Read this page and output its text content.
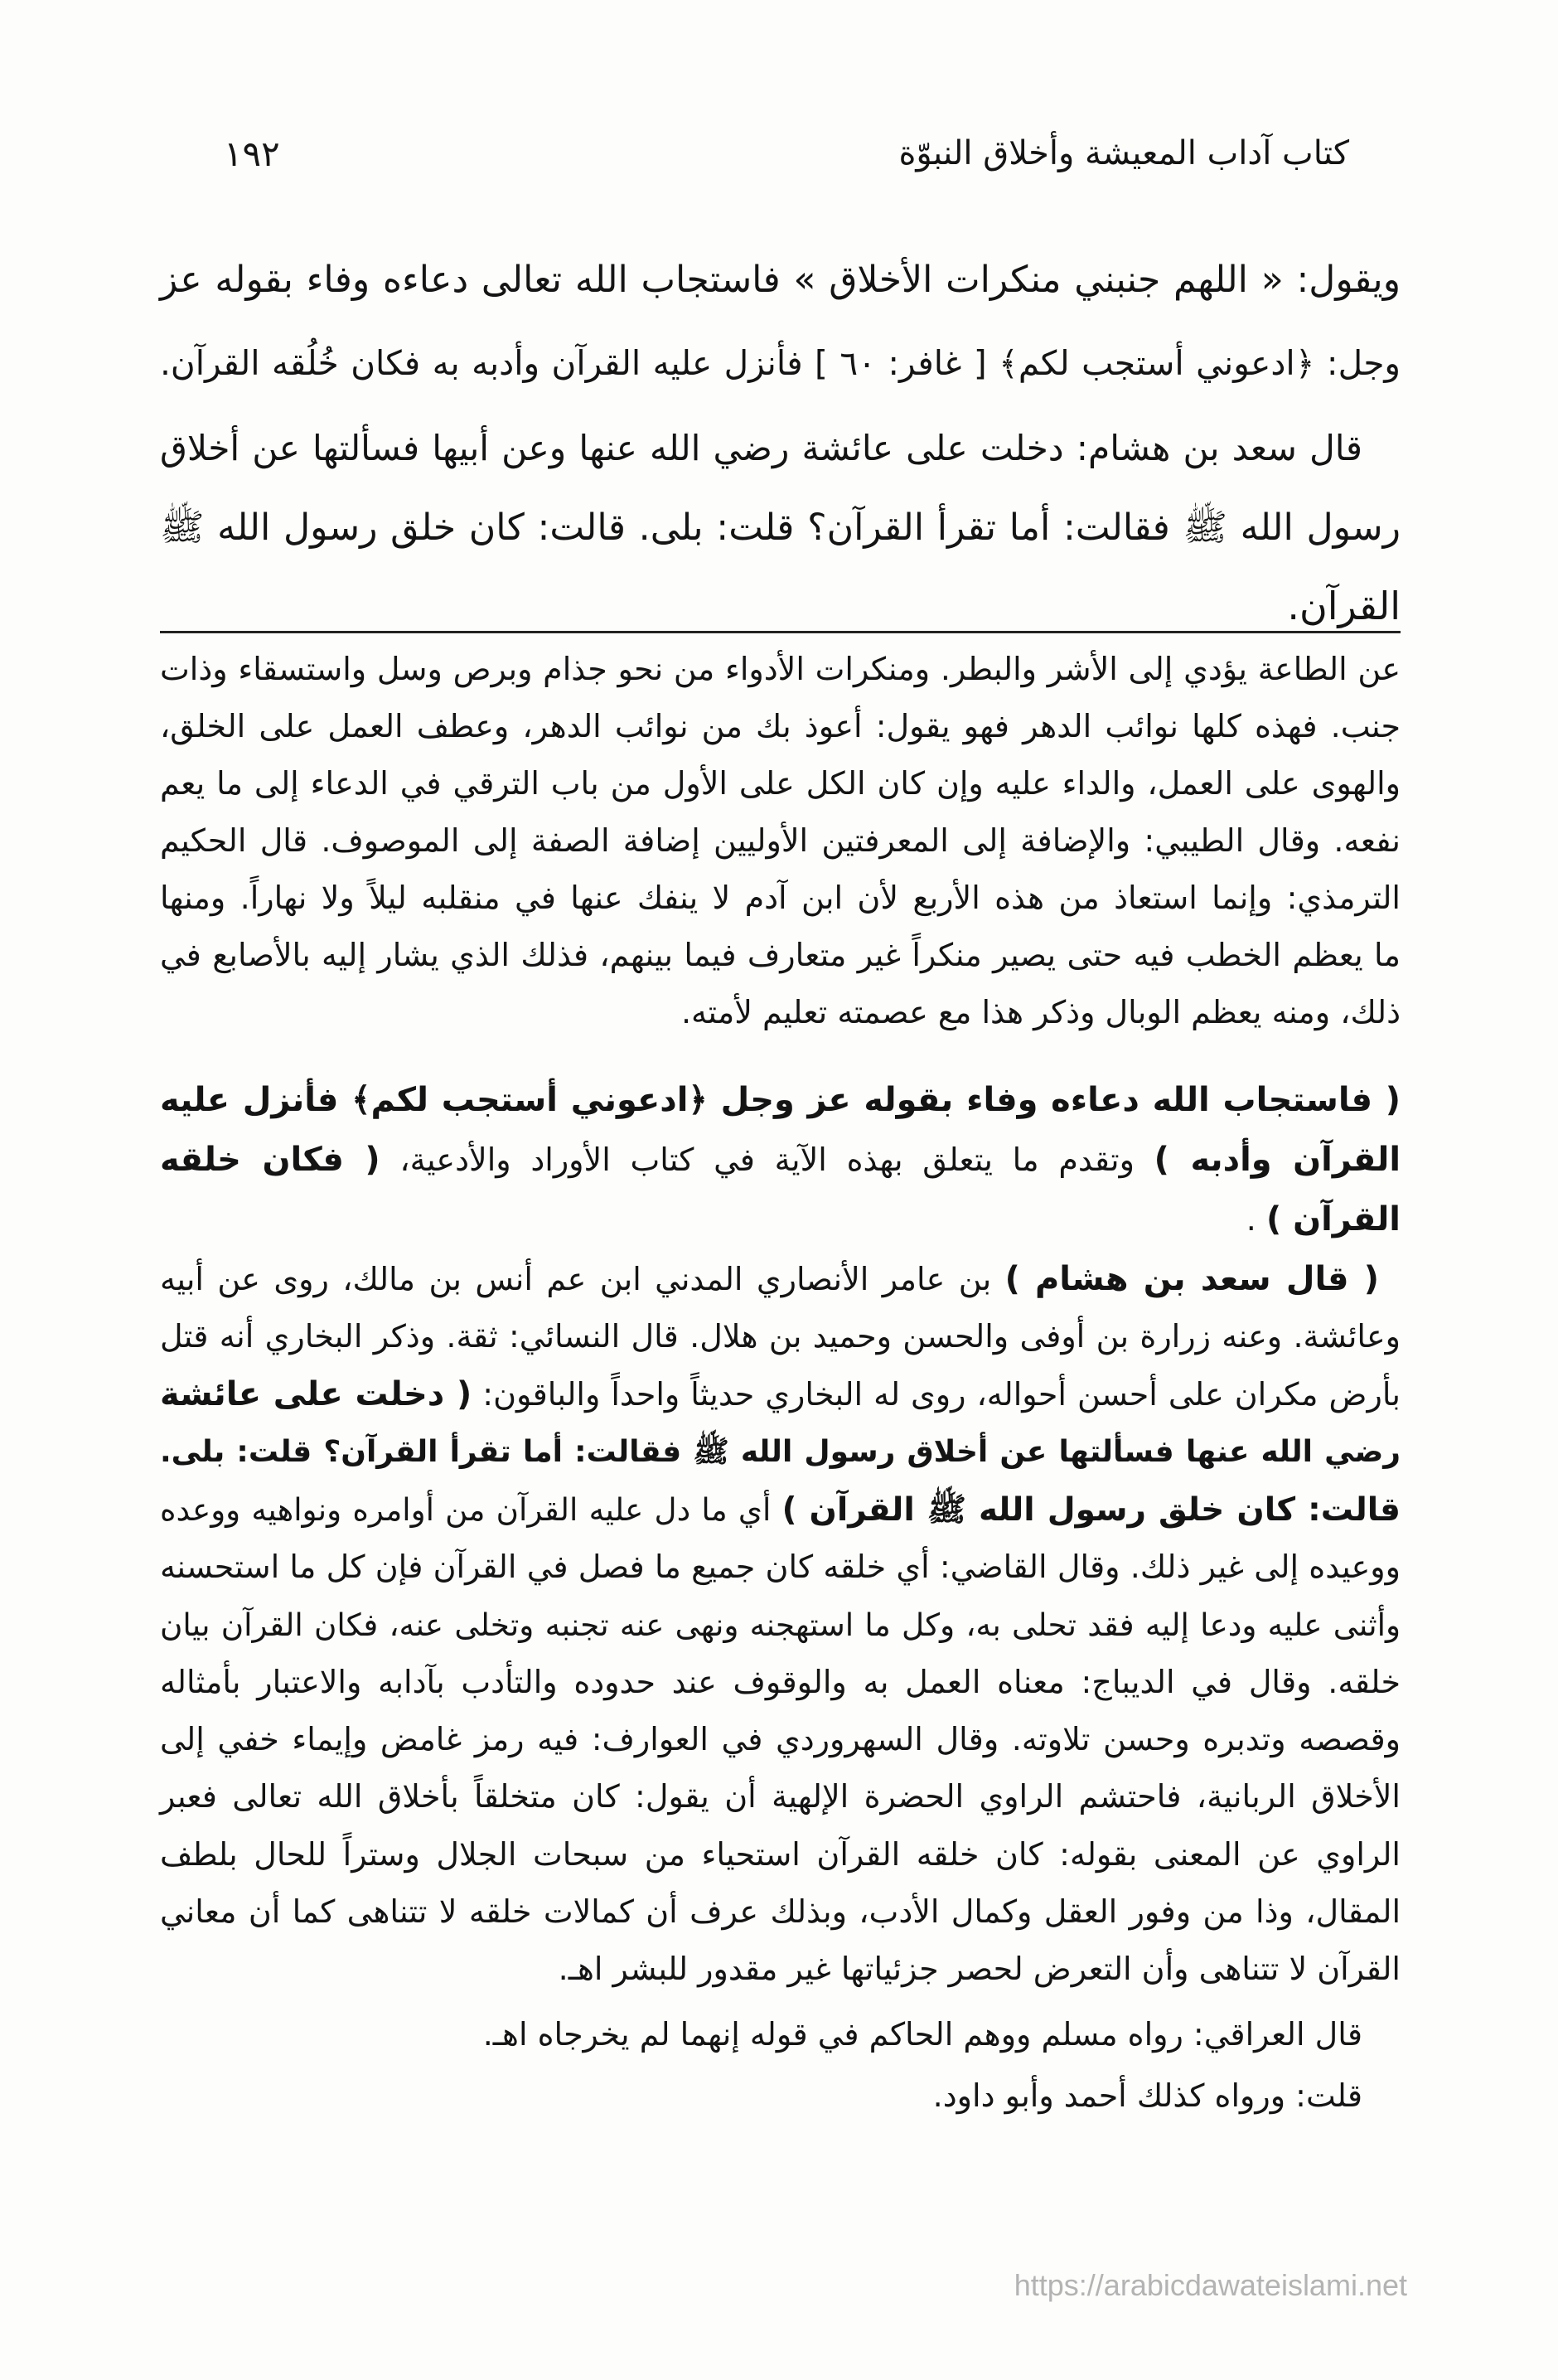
١٩٢	كتاب آداب المعيشة وأخلاق النبوّة
ويقول: « اللهم جنبني منكرات الأخلاق » فاستجاب الله تعالى دعاءه وفاء بقوله عز
وجل: ﴿ادعوني أستجب لكم﴾ [ غافر: ٦٠ ] فأنزل عليه القرآن وأدبه به فكان خُلُقه القرآن.
قال سعد بن هشام: دخلت على عائشة رضي الله عنها وعن أبيها فسألتها عن أخلاق
رسول الله ﷺ فقالت: أما تقرأ القرآن؟ قلت: بلى. قالت: كان خلق رسول الله ﷺ
القرآن.
عن الطاعة يؤدي إلى الأشر والبطر. ومنكرات الأدواء من نحو جذام وبرص وسل واستسقاء وذات
جنب. فهذه كلها نوائب الدهر فهو يقول: أعوذ بك من نوائب الدهر، وعطف العمل على الخلق،
والهوى على العمل، والداء عليه وإن كان الكل على الأول من باب الترقي في الدعاء إلى ما يعم
نفعه. وقال الطيبي: والإضافة إلى المعرفتين الأوليين إضافة الصفة إلى الموصوف. قال الحكيم
الترمذي: وإنما استعاذ من هذه الأربع لأن ابن آدم لا ينفك عنها في منقلبه ليلاً ولا نهاراً. ومنها
ما يعظم الخطب فيه حتى يصير منكراً غير متعارف فيما بينهم، فذلك الذي يشار إليه بالأصابع في
ذلك، ومنه يعظم الوبال وذكر هذا مع عصمته تعليم لأمته.
( فاستجاب الله دعاءه وفاء بقوله عز وجل ﴿ادعوني أستجب لكم﴾ فأنزل عليه
القرآن وأدبه ) وتقدم ما يتعلق بهذه الآية في كتاب الأوراد والأدعية، ( فكان خلقه
القرآن ) .
( قال سعد بن هشام ) بن عامر الأنصاري المدني ابن عم أنس بن مالك، روى عن أبيه
وعائشة. وعنه زرارة بن أوفى والحسن وحميد بن هلال. قال النسائي: ثقة. وذكر البخاري أنه قتل
بأرض مكران على أحسن أحواله، روى له البخاري حديثاً واحداً والباقون: ( دخلت على عائشة
رضي الله عنها فسألتها عن أخلاق رسول الله ﷺ فقالت: أما تقرأ القرآن؟ قلت: بلى.
قالت: كان خلق رسول الله ﷺ القرآن ) أي ما دل عليه القرآن من أوامره ونواهيه ووعده
ووعيده إلى غير ذلك. وقال القاضي: أي خلقه كان جميع ما فصل في القرآن فإن كل ما استحسنه
وأثنى عليه ودعا إليه فقد تحلى به، وكل ما استهجنه ونهى عنه تجنبه وتخلى عنه، فكان القرآن بيان
خلقه. وقال في الديباج: معناه العمل به والوقوف عند حدوده والتأدب بآدابه والاعتبار بأمثاله
وقصصه وتدبره وحسن تلاوته. وقال السهروردي في العوارف: فيه رمز غامض وإيماء خفي إلى
الأخلاق الربانية، فاحتشم الراوي الحضرة الإلهية أن يقول: كان متخلقاً بأخلاق الله تعالى فعبر
الراوي عن المعنى بقوله: كان خلقه القرآن استحياء من سبحات الجلال وستراً للحال بلطف
المقال، وذا من وفور العقل وكمال الأدب، وبذلك عرف أن كمالات خلقه لا تتناهى كما أن معاني
القرآن لا تتناهى وأن التعرض لحصر جزئياتها غير مقدور للبشر اهـ.
قال العراقي: رواه مسلم ووهم الحاكم في قوله إنهما لم يخرجاه اهـ.
قلت: ورواه كذلك أحمد وأبو داود.
https://arabicdawateislami.net
